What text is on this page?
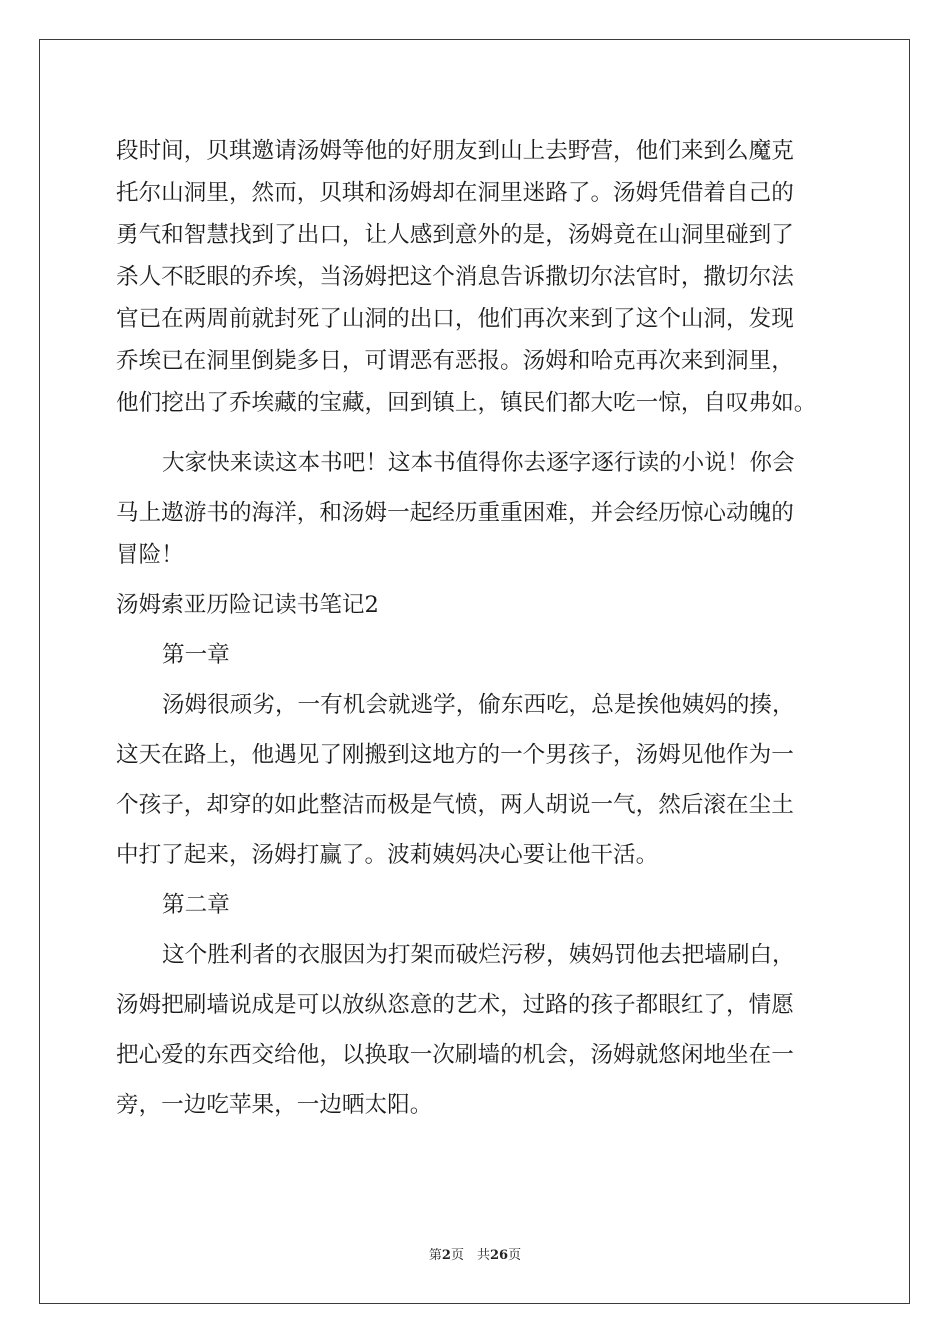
段时间，贝琪邀请汤姆等他的好朋友到山上去野营，他们来到么魔克

托尔山洞里，然而，贝琪和汤姆却在洞里迷路了。汤姆凭借着自己的

勇气和智慧找到了出口，让人感到意外的是，汤姆竟在山洞里碰到了

杀人不眨眼的乔埃，当汤姆把这个消息告诉撒切尔法官时，撒切尔法

官已在两周前就封死了山洞的出口，他们再次来到了这个山洞，发现

乔埃已在洞里倒毙多日，可谓恶有恶报。汤姆和哈克再次来到洞里，

他们挖出了乔埃藏的宝藏，回到镇上，镇民们都大吃一惊，自叹弗如。

大家快来读这本书吧！这本书值得你去逐字逐行读的小说！你会

马上遨游书的海洋，和汤姆一起经历重重困难，并会经历惊心动魄的

冒险！

汤姆索亚历险记读书笔记2

第一章

汤姆很顽劣，一有机会就逃学，偷东西吃，总是挨他姨妈的揍，

这天在路上，他遇见了刚搬到这地方的一个男孩子，汤姆见他作为一

个孩子，却穿的如此整洁而极是气愤，两人胡说一气，然后滚在尘土

中打了起来，汤姆打赢了。波莉姨妈决心要让他干活。

第二章

这个胜利者的衣服因为打架而破烂污秽，姨妈罚他去把墙刷白，

汤姆把刷墙说成是可以放纵恣意的艺术，过路的孩子都眼红了，情愿

把心爱的东西交给他，以换取一次刷墙的机会，汤姆就悠闲地坐在一

旁，一边吃苹果，一边晒太阳。

第2页　共26页
